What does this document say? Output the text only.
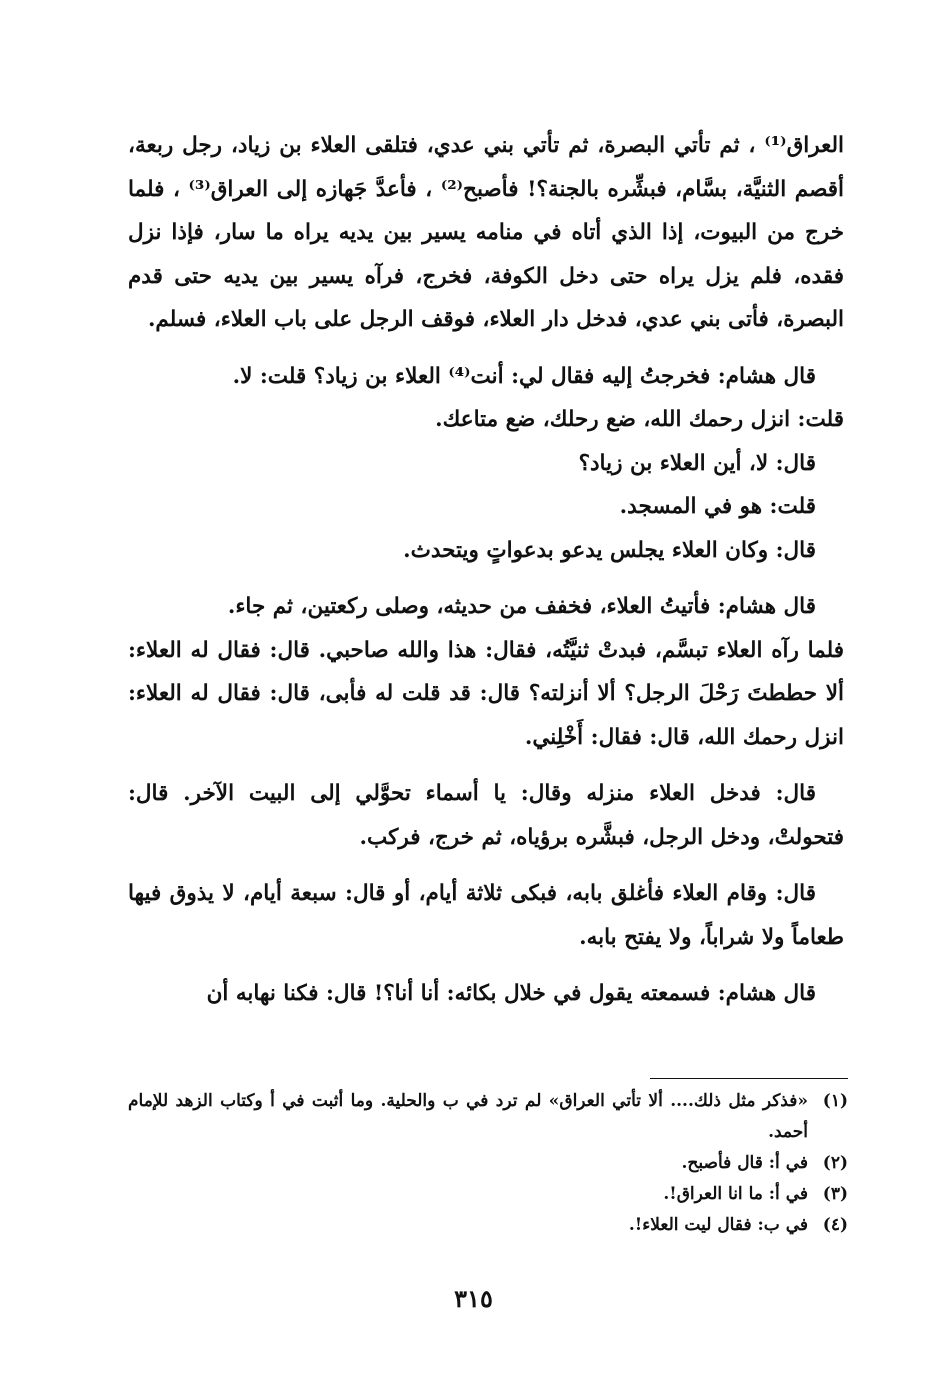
العراق⁽¹⁾ ، ثم تأتي البصرة، ثم تأتي بني عدي، فتلقى العلاء بن زياد، رجل ربعة، أقصم الثنيَّة، بسَّام، فبشِّره بالجنة؟! فأصبح⁽²⁾ ، فأعدَّ جَهازه إلى العراق⁽³⁾ ، فلما خرج من البيوت، إذا الذي أتاه في منامه يسير بين يديه يراه ما سار، فإذا نزل فقده، فلم يزل يراه حتى دخل الكوفة، فخرج، فرآه يسير بين يديه حتى قدم البصرة، فأتى بني عدي، فدخل دار العلاء، فوقف الرجل على باب العلاء، فسلم.

قال هشام: فخرجتُ إليه فقال لي: أنت⁽⁴⁾ العلاء بن زياد؟ قلت: لا.

قلت: انزل رحمك الله، ضع رحلك، ضع متاعك.

قال: لا، أين العلاء بن زياد؟

قلت: هو في المسجد.

قال: وكان العلاء يجلس يدعو بدعواتٍ ويتحدث.

قال هشام: فأتيتُ العلاء، فخفف من حديثه، وصلى ركعتين، ثم جاء.

فلما رآه العلاء تبسَّم، فبدتْ ثنيَّتُه، فقال: هذا والله صاحبي. قال: فقال له العلاء: ألا حططتَ رَحْلَ الرجل؟ ألا أنزلته؟ قال: قد قلت له فأبى، قال: فقال له العلاء: انزل رحمك الله، قال: فقال: أَخْلِني.

قال: فدخل العلاء منزله وقال: يا أسماء تحوَّلي إلى البيت الآخر. قال: فتحولتْ، ودخل الرجل، فبشَّره برؤياه، ثم خرج، فركب.

قال: وقام العلاء فأغلق بابه، فبكى ثلاثة أيام، أو قال: سبعة أيام، لا يذوق فيها طعاماً ولا شراباً، ولا يفتح بابه.

قال هشام: فسمعته يقول في خلال بكائه: أنا أنا؟! قال: فكنا نهابه أن

(١)
«فذكر مثل ذلك.... ألا تأتي العراق» لم ترد في ب والحلية. وما أثبت في أ وكتاب الزهد للإمام أحمد.

(٢)
في أ: قال فأصبح.

(٣)
في أ: ما انا العراق!.

(٤)
في ب: فقال ليت العلاء!.

٣١٥
